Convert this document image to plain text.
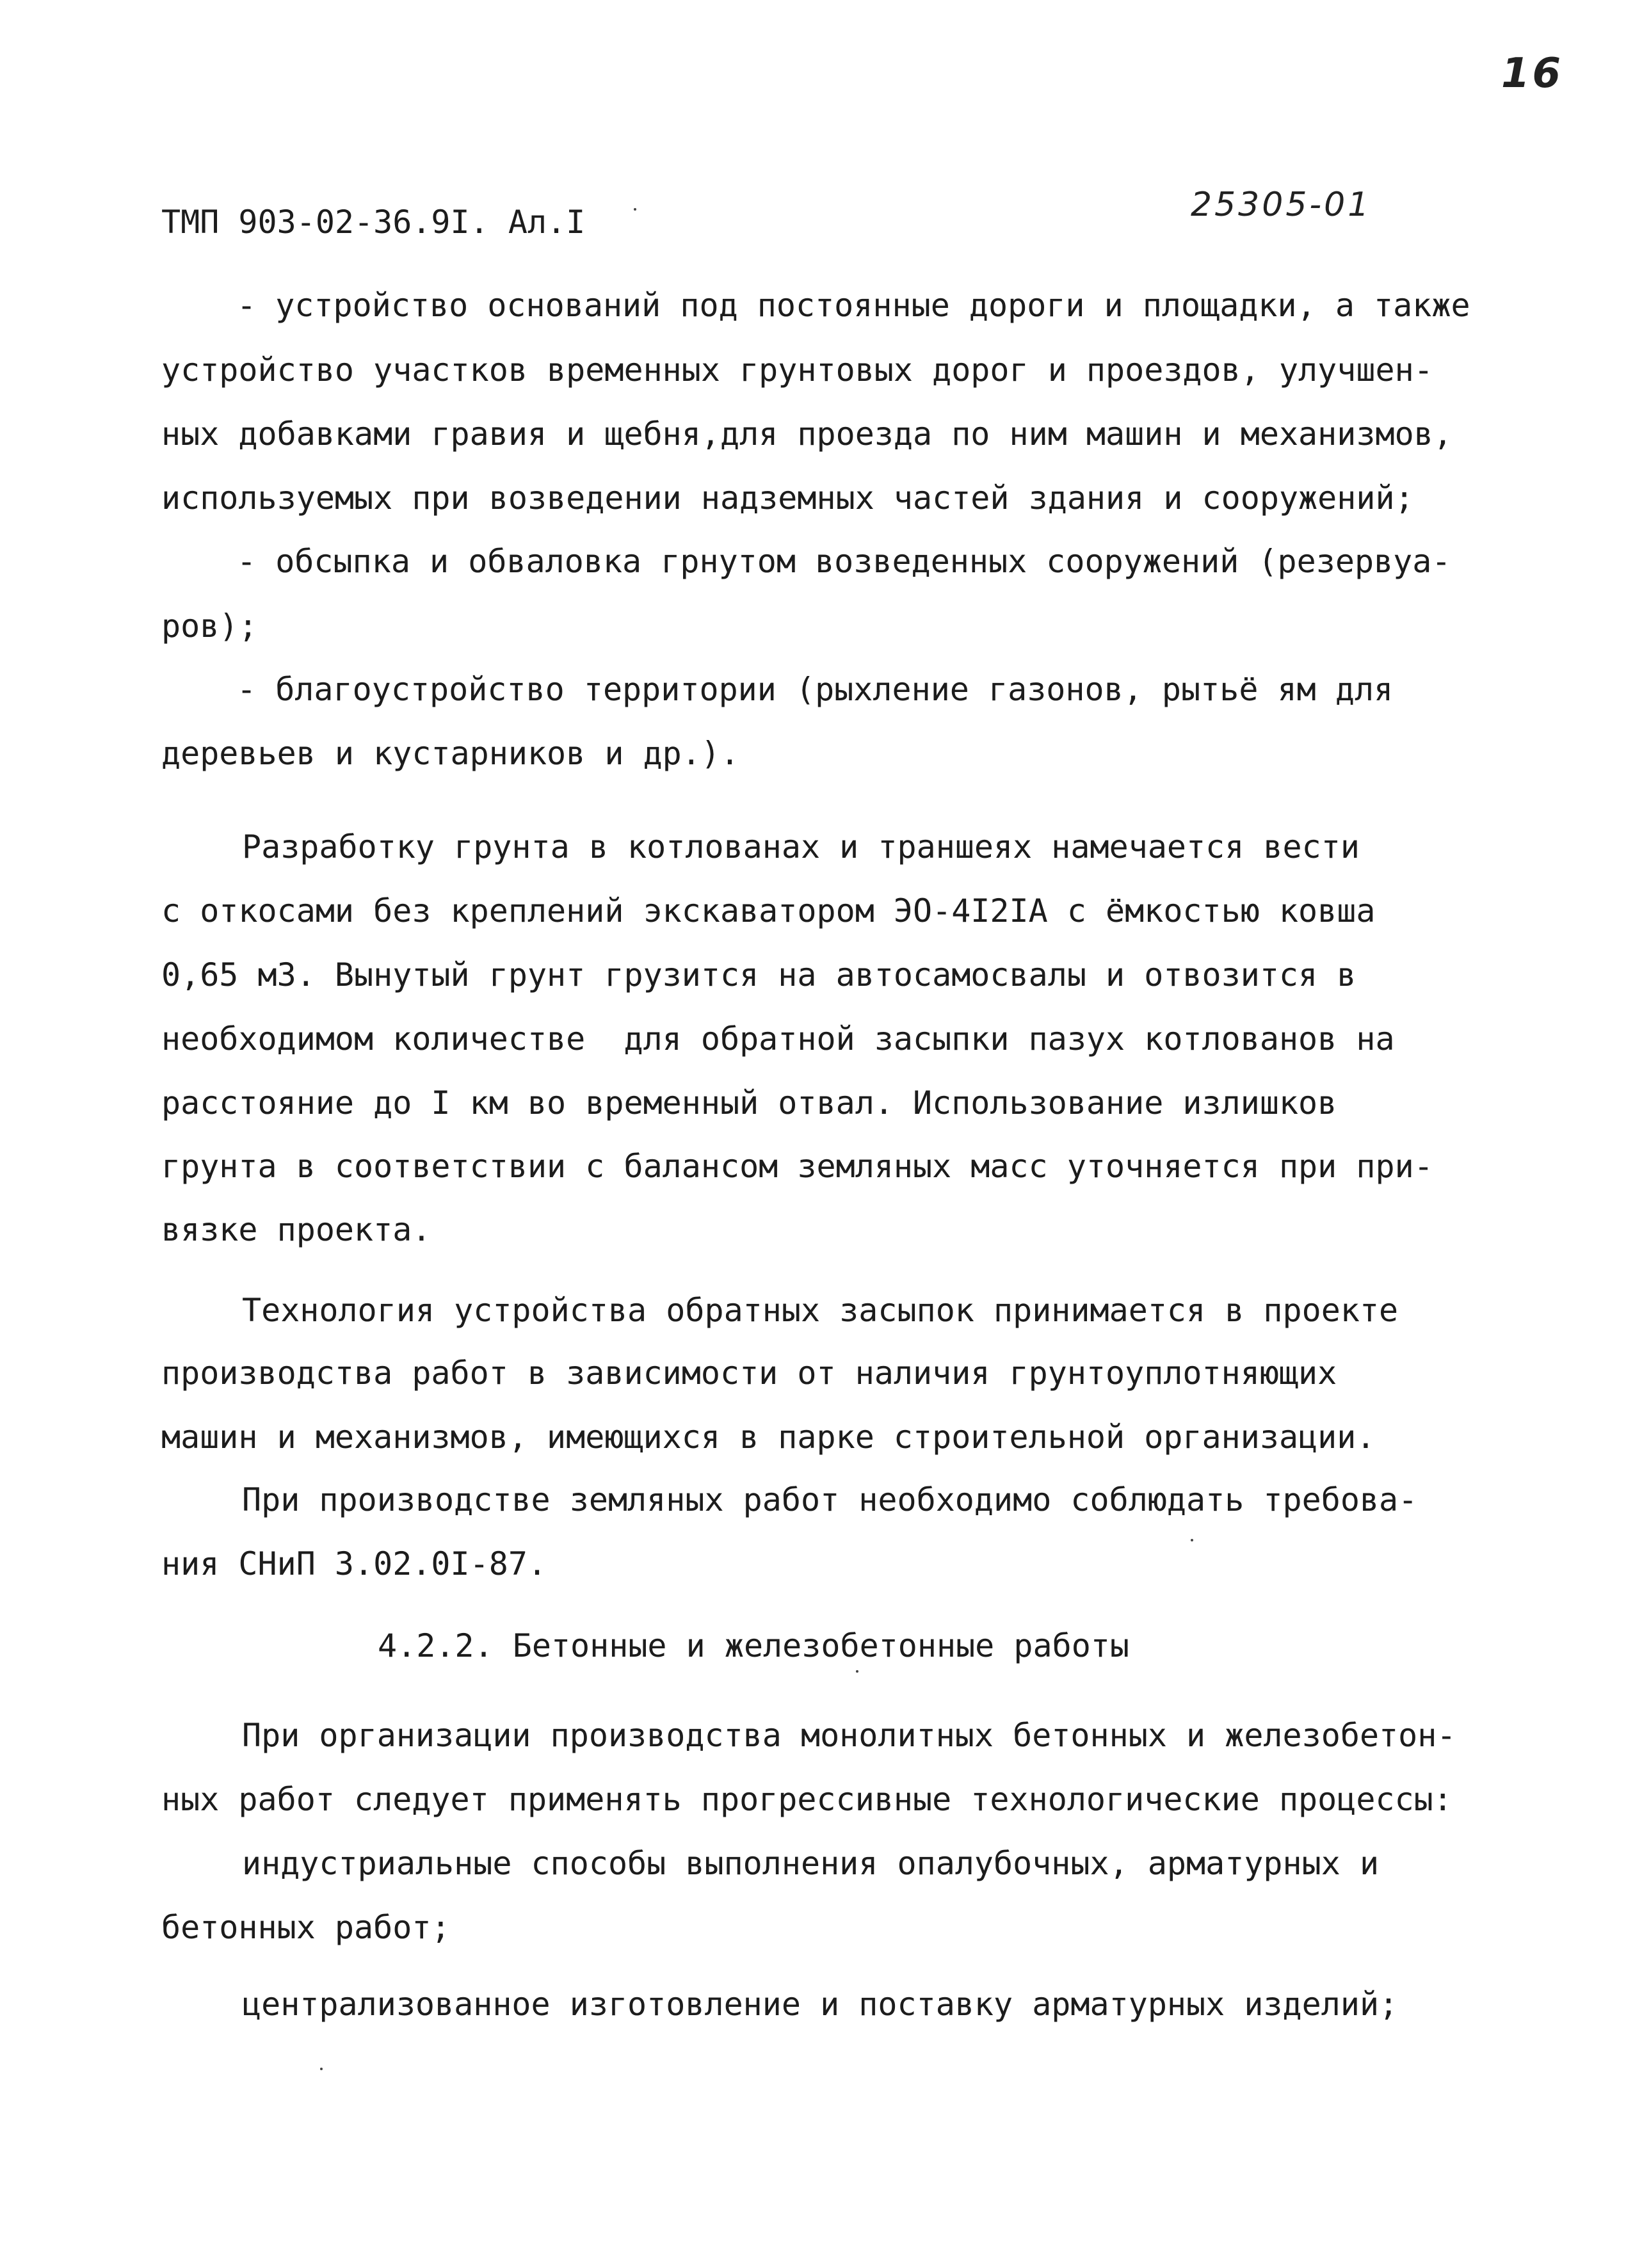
16
25305-01
ТМП 903-02-36.9I. Ал.I
- устройство оснований под постоянные дороги и площадки, а также
устройство участков временных грунтовых дорог и проездов, улучшен-
ных добавками гравия и щебня,для проезда по ним машин и механизмов,
используемых при возведении надземных частей здания и сооружений;
- обсыпка и обваловка грнутом возведенных сооружений (резервуа-
ров);
- благоустройство территории (рыхление газонов, рытьё ям для
деревьев и кустарников и др.).
Разработку грунта в котлованах и траншеях намечается вести
с откосами без креплений экскаватором ЭО-4I2IА с ёмкостью ковша
0,65 м3. Вынутый грунт грузится на автосамосвалы и отвозится в
необходимом количестве  для обратной засыпки пазух котлованов на
расстояние до I км во временный отвал. Использование излишков
грунта в соответствии с балансом земляных масс уточняется при при-
вязке проекта.
Технология устройства обратных засыпок принимается в проекте
производства работ в зависимости от наличия грунтоуплотняющих
машин и механизмов, имеющихся в парке строительной организации.
При производстве земляных работ необходимо соблюдать требова-
ния СНиП 3.02.0I-87.
4.2.2. Бетонные и железобетонные работы
При организации производства монолитных бетонных и железобетон-
ных работ следует применять прогрессивные технологические процессы:
индустриальные способы выполнения опалубочных, арматурных и
бетонных работ;
централизованное изготовление и поставку арматурных изделий;
